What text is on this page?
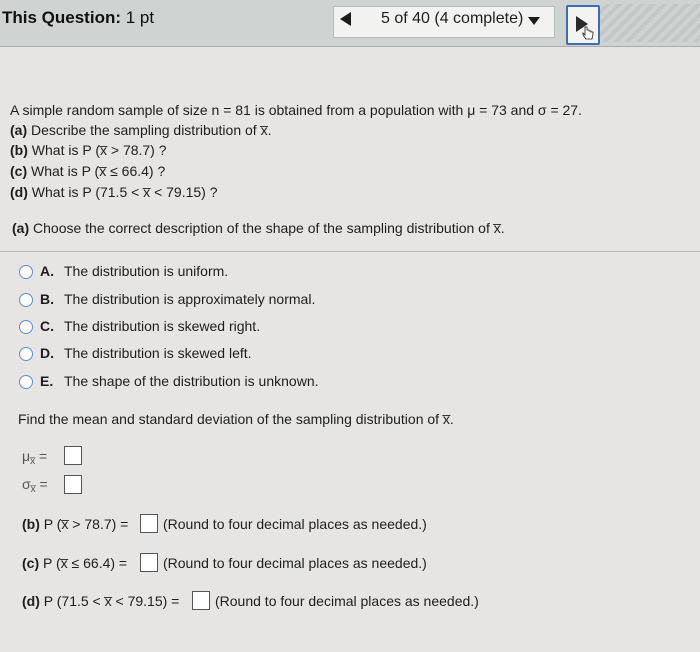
This Question: 1 pt	5 of 40 (4 complete)
A simple random sample of size n = 81 is obtained from a population with μ = 73 and σ = 27.
(a) Describe the sampling distribution of x̅.
(b) What is P (x̅ > 78.7) ?
(c) What is P (x̅ ≤ 66.4) ?
(d) What is P (71.5 < x̅ < 79.15) ?
(a) Choose the correct description of the shape of the sampling distribution of x̅.
A. The distribution is uniform.
B. The distribution is approximately normal.
C. The distribution is skewed right.
D. The distribution is skewed left.
E. The shape of the distribution is unknown.
Find the mean and standard deviation of the sampling distribution of x̅.
$\mu_{x̅}$ =
$\sigma_{x̅}$ =
(b) P (x̅ > 78.7) = (Round to four decimal places as needed.)
(c) P (x̅ ≤ 66.4) =	(Round to four decimal places as needed.)
(d) P (71.5 < x̅ < 79.15) =	(Round to four decimal places as needed.)
